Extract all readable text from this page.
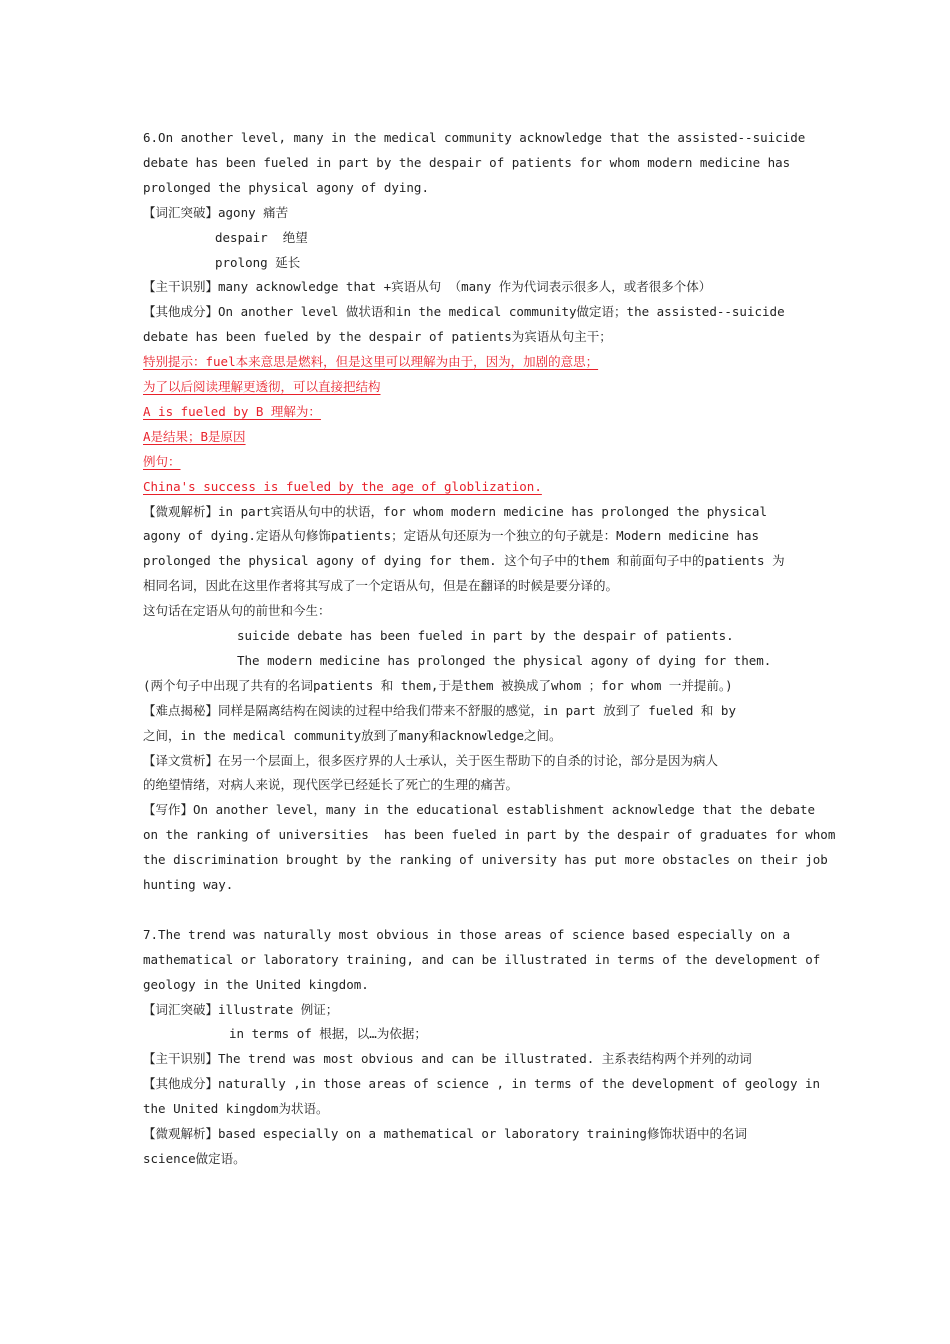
6.On another level, many in the medical community acknowledge that the assisted--suicide
debate has been fueled in part by the despair of patients for whom modern medicine has
prolonged the physical agony of dying.
【词汇突破】agony 痛苦
despair  绝望
prolong 延长
【主干识别】many acknowledge that +宾语从句 （many 作为代词表示很多人，或者很多个体）
【其他成分】On another level 做状语和in the medical community做定语；the assisted--suicide
debate has been fueled by the despair of patients为宾语从句主干；
特别提示：fuel本来意思是燃料，但是这里可以理解为由于，因为，加剧的意思；
为了以后阅读理解更透彻，可以直接把结构
A is fueled by B 理解为：
A是结果；B是原因
例句：
China's success is fueled by the age of globlization.
【微观解析】in part宾语从句中的状语，for whom modern medicine has prolonged the physical
agony of dying.定语从句修饰patients；定语从句还原为一个独立的句子就是：Modern medicine has
prolonged the physical agony of dying for them. 这个句子中的them 和前面句子中的patients 为
相同名词，因此在这里作者将其写成了一个定语从句，但是在翻译的时候是要分译的。
这句话在定语从句的前世和今生：
suicide debate has been fueled in part by the despair of patients.
The modern medicine has prolonged the physical agony of dying for them.
(两个句子中出现了共有的名词patients 和 them,于是them 被换成了whom ；for whom 一并提前。)
【难点揭秘】同样是隔离结构在阅读的过程中给我们带来不舒服的感觉，in part 放到了 fueled 和 by
之间，in the medical community放到了many和acknowledge之间。
【译文赏析】在另一个层面上，很多医疗界的人士承认，关于医生帮助下的自杀的讨论，部分是因为病人
的绝望情绪，对病人来说，现代医学已经延长了死亡的生理的痛苦。
【写作】On another level，many in the educational establishment acknowledge that the debate
on the ranking of universities  has been fueled in part by the despair of graduates for whom
the discrimination brought by the ranking of university has put more obstacles on their job
hunting way.
7.The trend was naturally most obvious in those areas of science based especially on a
mathematical or laboratory training, and can be illustrated in terms of the development of
geology in the United kingdom.
【词汇突破】illustrate 例证；
in terms of 根据，以…为依据；
【主干识别】The trend was most obvious and can be illustrated. 主系表结构两个并列的动词
【其他成分】naturally ,in those areas of science , in terms of the development of geology in
the United kingdom为状语。
【微观解析】based especially on a mathematical or laboratory training修饰状语中的名词
science做定语。
